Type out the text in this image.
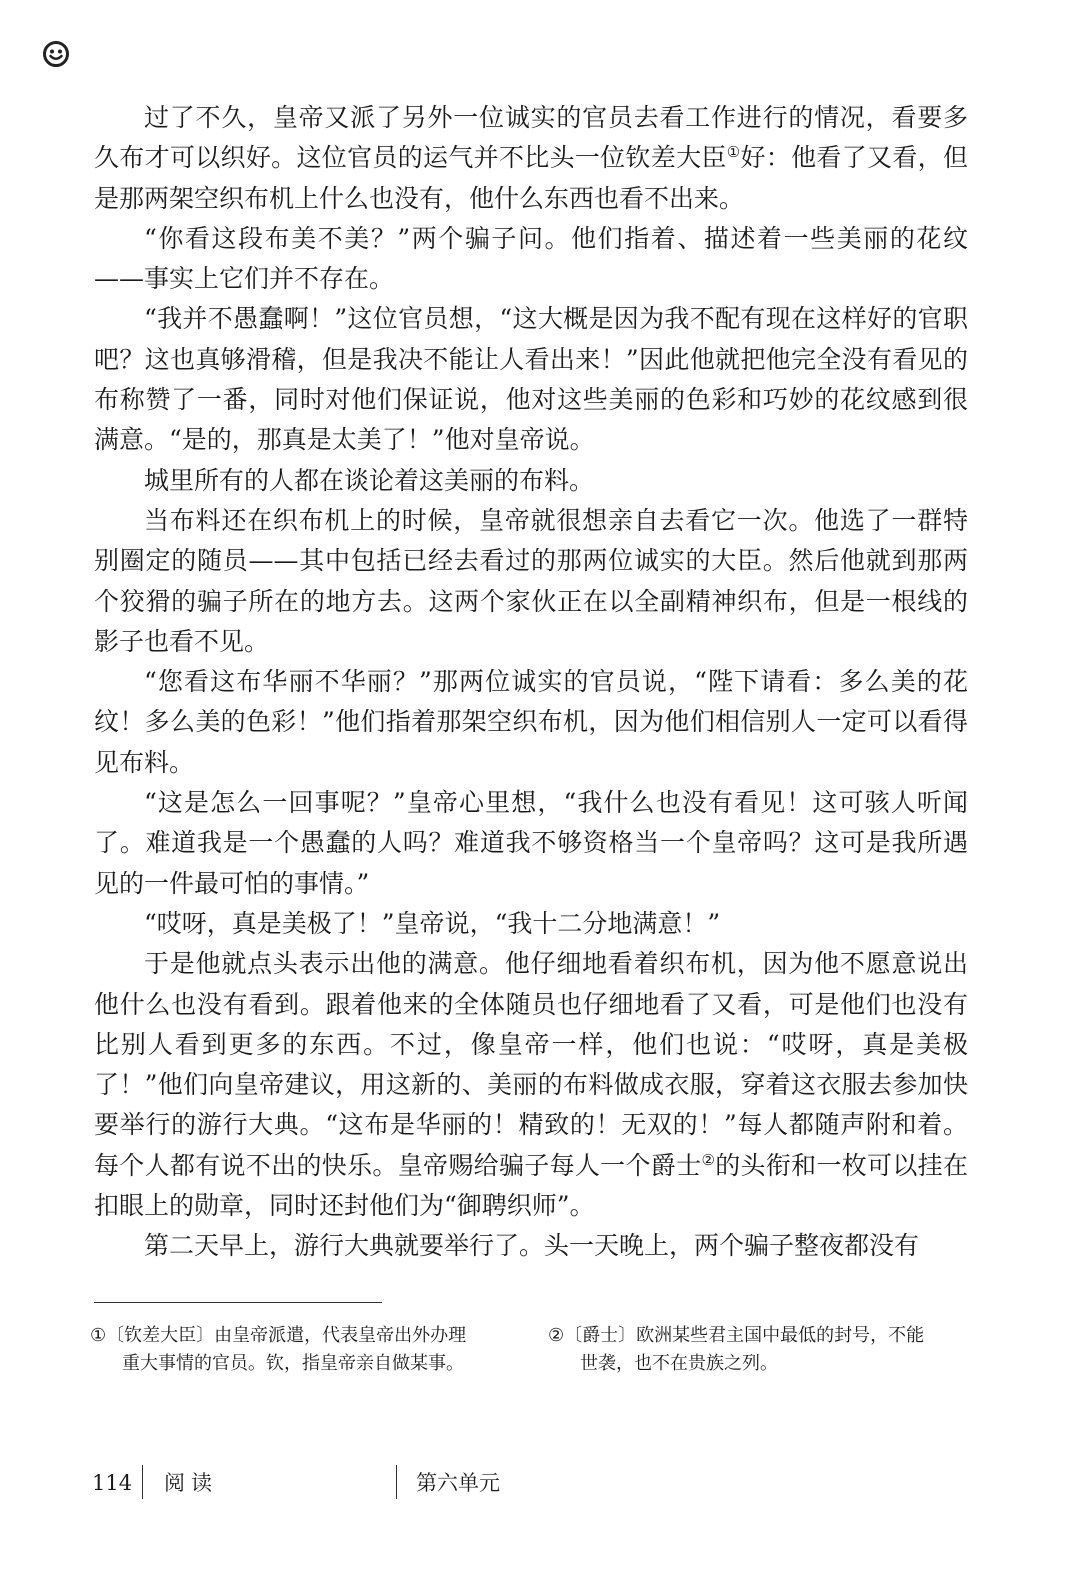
过了不久，皇帝又派了另外一位诚实的官员去看工作进行的情况，看要多久布才可以织好。这位官员的运气并不比头一位钦差大臣①好：他看了又看，但是那两架空织布机上什么也没有，他什么东西也看不出来。

“你看这段布美不美？”两个骗子问。他们指着、描述着一些美丽的花纹——事实上它们并不存在。

“我并不愚蠢啊！”这位官员想，“这大概是因为我不配有现在这样好的官职吧？这也真够滑稽，但是我决不能让人看出来！”因此他就把他完全没有看见的布称赞了一番，同时对他们保证说，他对这些美丽的色彩和巧妙的花纹感到很满意。“是的，那真是太美了！”他对皇帝说。

城里所有的人都在谈论着这美丽的布料。

当布料还在织布机上的时候，皇帝就很想亲自去看它一次。他选了一群特别圈定的随员——其中包括已经去看过的那两位诚实的大臣。然后他就到那两个狡猾的骗子所在的地方去。这两个家伙正在以全副精神织布，但是一根线的影子也看不见。

“您看这布华丽不华丽？”那两位诚实的官员说，“陛下请看：多么美的花纹！多么美的色彩！”他们指着那架空织布机，因为他们相信别人一定可以看得见布料。

“这是怎么一回事呢？”皇帝心里想，“我什么也没有看见！这可骇人听闻了。难道我是一个愚蠢的人吗？难道我不够资格当一个皇帝吗？这可是我所遇见的一件最可怕的事情。”

“哎呀，真是美极了！”皇帝说，“我十二分地满意！”

于是他就点头表示出他的满意。他仔细地看着织布机，因为他不愿意说出他什么也没有看到。跟着他来的全体随员也仔细地看了又看，可是他们也没有比别人看到更多的东西。不过，像皇帝一样，他们也说：“哎呀，真是美极了！”他们向皇帝建议，用这新的、美丽的布料做成衣服，穿着这衣服去参加快要举行的游行大典。“这布是华丽的！精致的！无双的！”每人都随声附和着。每个人都有说不出的快乐。皇帝赐给骗子每人一个爵士②的头衔和一枚可以挂在扣眼上的勋章，同时还封他们为“御聘织师”。

第二天早上，游行大典就要举行了。头一天晚上，两个骗子整夜都没有

①〔钦差大臣〕由皇帝派遣，代表皇帝出外办理
重大事情的官员。钦，指皇帝亲自做某事。
②〔爵士〕欧洲某些君主国中最低的封号，不能
世袭，也不在贵族之列。
114 阅读	第六单元
